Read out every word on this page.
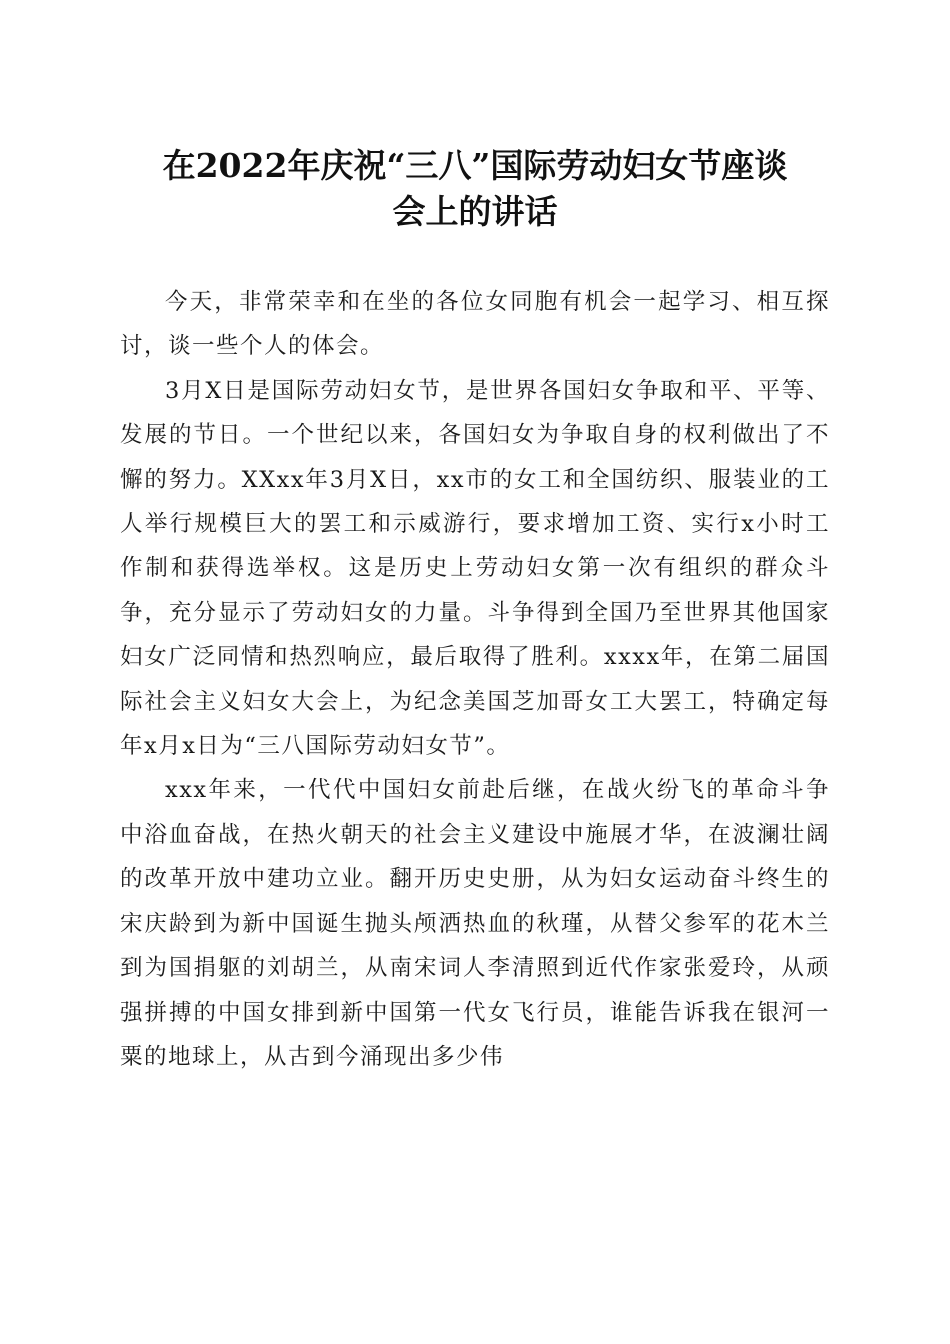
在2022年庆祝“三八”国际劳动妇女节座谈
会上的讲话

今天，非常荣幸和在坐的各位女同胞有机会一起学习、相互探讨，谈一些个人的体会。

3月X日是国际劳动妇女节，是世界各国妇女争取和平、平等、发展的节日。一个世纪以来，各国妇女为争取自身的权利做出了不懈的努力。XXxx年3月X日，xx市的女工和全国纺织、服装业的工人举行规模巨大的罢工和示威游行，要求增加工资、实行x小时工作制和获得选举权。这是历史上劳动妇女第一次有组织的群众斗争，充分显示了劳动妇女的力量。斗争得到全国乃至世界其他国家妇女广泛同情和热烈响应，最后取得了胜利。xxxx年，在第二届国际社会主义妇女大会上，为纪念美国芝加哥女工大罢工，特确定每年x月x日为“三八国际劳动妇女节”。

xxx年来，一代代中国妇女前赴后继，在战火纷飞的革命斗争中浴血奋战，在热火朝天的社会主义建设中施展才华，在波澜壮阔的改革开放中建功立业。翻开历史史册，从为妇女运动奋斗终生的宋庆龄到为新中国诞生抛头颅洒热血的秋瑾，从替父参军的花木兰到为国捐躯的刘胡兰，从南宋词人李清照到近代作家张爱玲，从顽强拼搏的中国女排到新中国第一代女飞行员，谁能告诉我在银河一粟的地球上，从古到今涌现出多少伟
